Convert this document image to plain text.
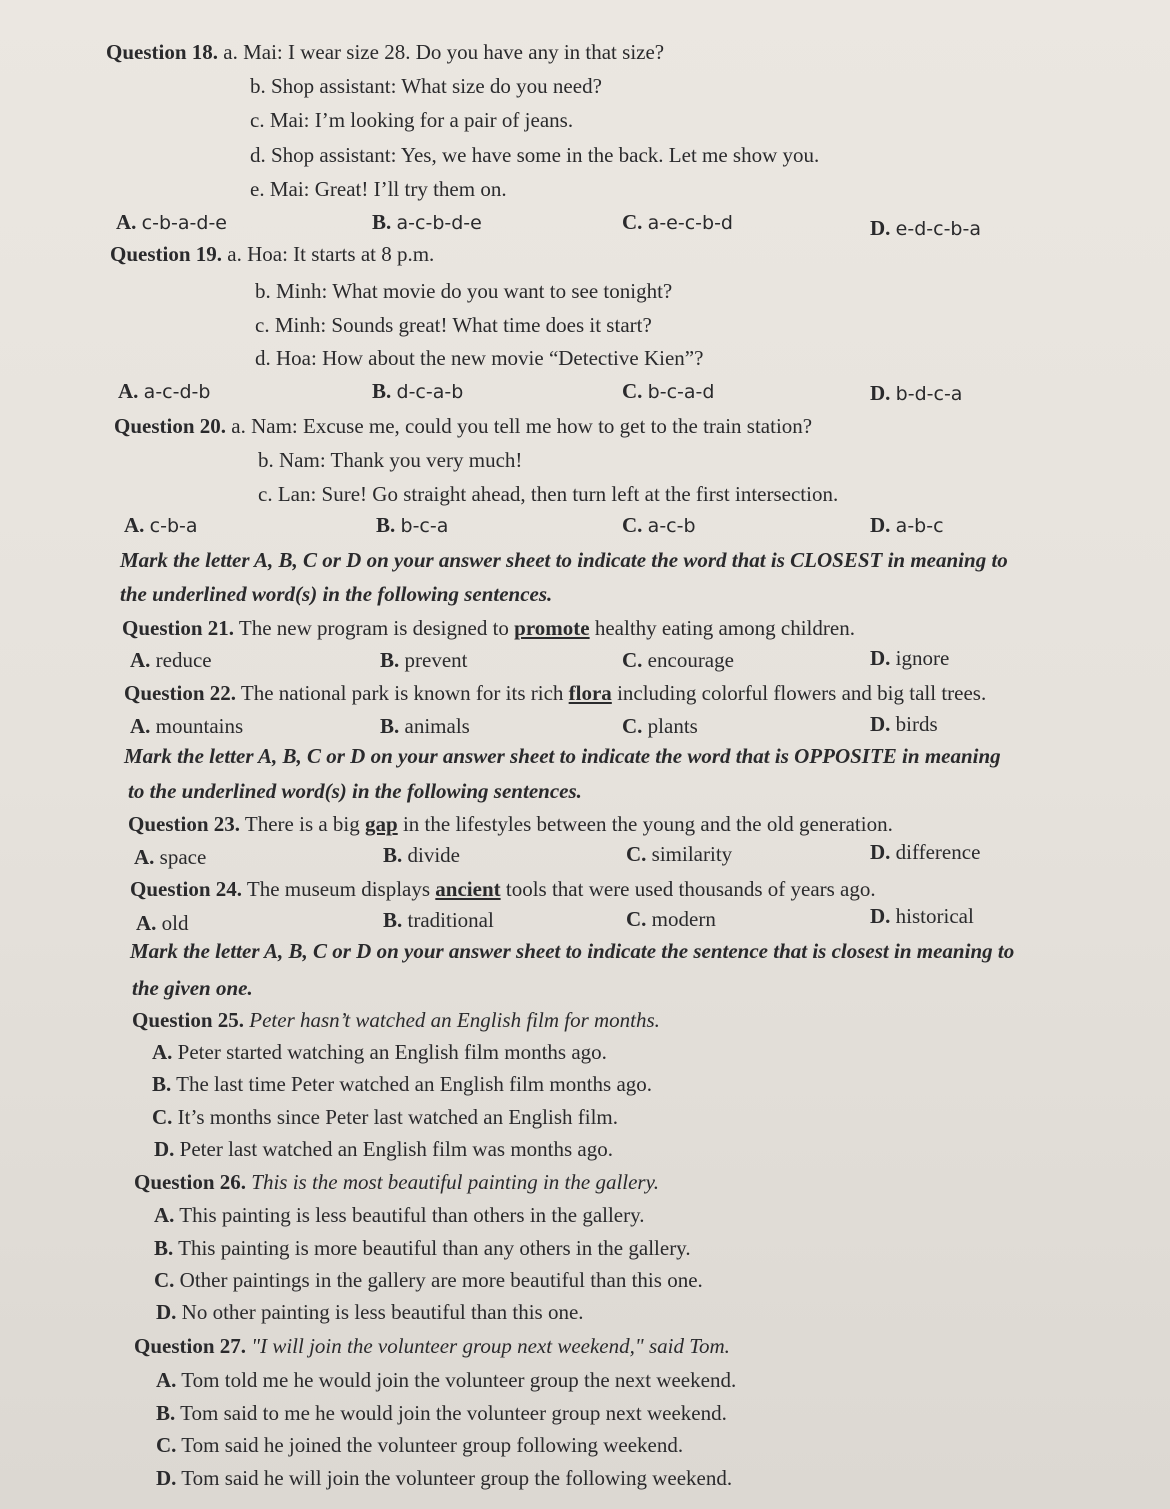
Question 18. a. Mai: I wear size 28. Do you have any in that size?
b. Shop assistant: What size do you need?
c. Mai: I’m looking for a pair of jeans.
d. Shop assistant: Yes, we have some in the back. Let me show you.
e. Mai: Great! I’ll try them on.
A. c-b-a-d-e	B. a-c-b-d-e	C. a-e-c-b-d	D. e-d-c-b-a
Question 19. a. Hoa: It starts at 8 p.m.
b. Minh: What movie do you want to see tonight?
c. Minh: Sounds great! What time does it start?
d. Hoa: How about the new movie “Detective Kien”?
A. a-c-d-b	B. d-c-a-b	C. b-c-a-d	D. b-d-c-a
Question 20. a. Nam: Excuse me, could you tell me how to get to the train station?
b. Nam: Thank you very much!
c. Lan: Sure! Go straight ahead, then turn left at the first intersection.
A. c-b-a	B. b-c-a	C. a-c-b	D. a-b-c
Mark the letter A, B, C or D on your answer sheet to indicate the word that is CLOSEST in meaning to
the underlined word(s) in the following sentences.
Question 21. The new program is designed to promote healthy eating among children.
A. reduce	B. prevent	C. encourage	D. ignore
Question 22. The national park is known for its rich flora including colorful flowers and big tall trees.
A. mountains	B. animals	C. plants	D. birds
Mark the letter A, B, C or D on your answer sheet to indicate the word that is OPPOSITE in meaning
to the underlined word(s) in the following sentences.
Question 23. There is a big gap in the lifestyles between the young and the old generation.
A. space	B. divide	C. similarity	D. difference
Question 24. The museum displays ancient tools that were used thousands of years ago.
A. old	B. traditional	C. modern	D. historical
Mark the letter A, B, C or D on your answer sheet to indicate the sentence that is closest in meaning to
the given one.
Question 25. Peter hasn’t watched an English film for months.
A. Peter started watching an English film months ago.
B. The last time Peter watched an English film months ago.
C. It’s months since Peter last watched an English film.
D. Peter last watched an English film was months ago.
Question 26. This is the most beautiful painting in the gallery.
A. This painting is less beautiful than others in the gallery.
B. This painting is more beautiful than any others in the gallery.
C. Other paintings in the gallery are more beautiful than this one.
D. No other painting is less beautiful than this one.
Question 27. "I will join the volunteer group next weekend," said Tom.
A. Tom told me he would join the volunteer group the next weekend.
B. Tom said to me he would join the volunteer group next weekend.
C. Tom said he joined the volunteer group following weekend.
D. Tom said he will join the volunteer group the following weekend.
